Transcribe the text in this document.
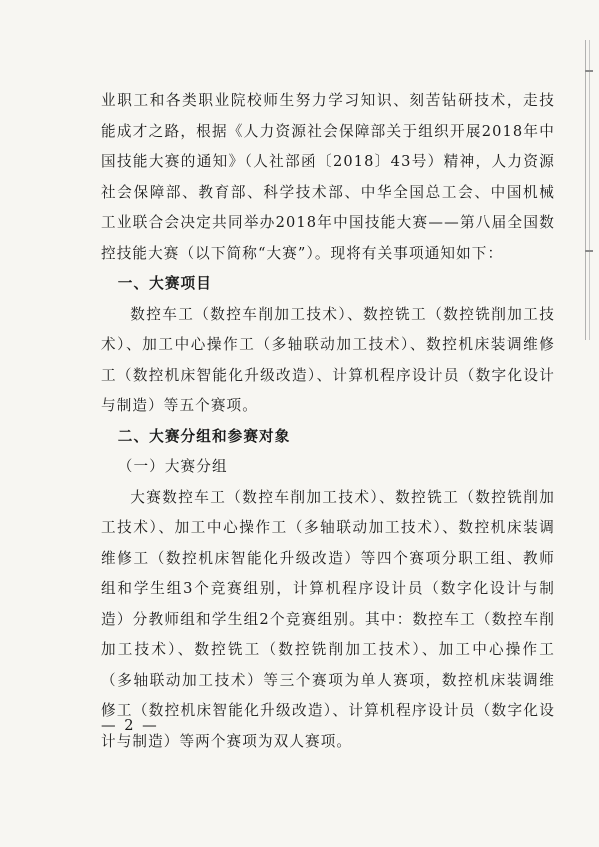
业职工和各类职业院校师生努力学习知识、刻苦钻研技术，走技能成才之路，根据《人力资源社会保障部关于组织开展2018年中国技能大赛的通知》（人社部函〔2018〕43号）精神，人力资源社会保障部、教育部、科学技术部、中华全国总工会、中国机械工业联合会决定共同举办2018年中国技能大赛——第八届全国数控技能大赛（以下简称“大赛”）。现将有关事项通知如下：

一、大赛项目

数控车工（数控车削加工技术）、数控铣工（数控铣削加工技术）、加工中心操作工（多轴联动加工技术）、数控机床装调维修工（数控机床智能化升级改造）、计算机程序设计员（数字化设计与制造）等五个赛项。

二、大赛分组和参赛对象

（一）大赛分组

大赛数控车工（数控车削加工技术）、数控铣工（数控铣削加工技术）、加工中心操作工（多轴联动加工技术）、数控机床装调维修工（数控机床智能化升级改造）等四个赛项分职工组、教师组和学生组3个竞赛组别，计算机程序设计员（数字化设计与制造）分教师组和学生组2个竞赛组别。其中：数控车工（数控车削加工技术）、数控铣工（数控铣削加工技术）、加工中心操作工（多轴联动加工技术）等三个赛项为单人赛项，数控机床装调维修工（数控机床智能化升级改造）、计算机程序设计员（数字化设计与制造）等两个赛项为双人赛项。

— 2 —
